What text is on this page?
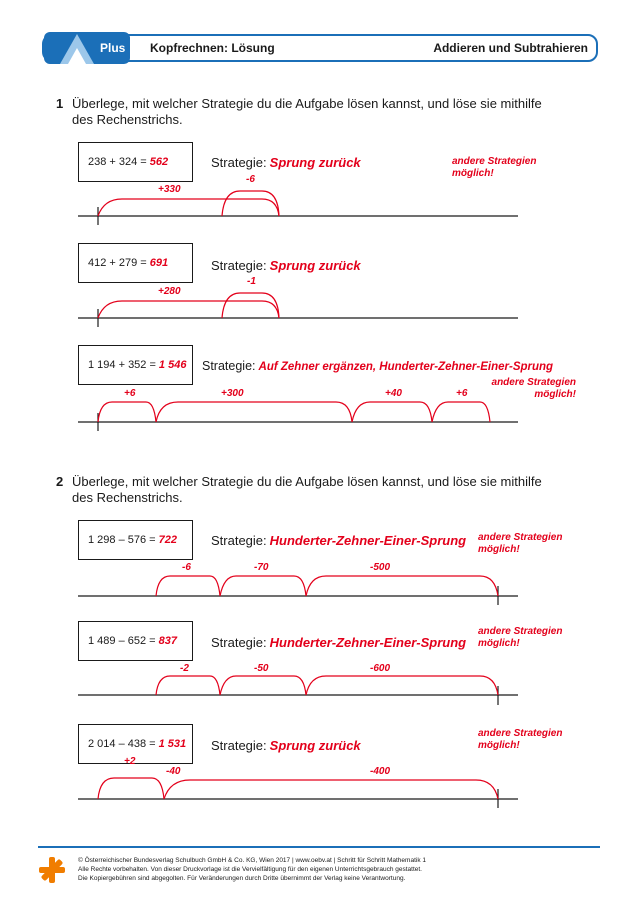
Plus Kopfrechnen: Lösung	Addieren und Subtrahieren
1 Überlege, mit welcher Strategie du die Aufgabe lösen kannst, und löse sie mithilfe des Rechenstrichs.
238 + 324 = 562	Strategie: Sprung zurück	andere Strategien möglich!
+330
-6
412 + 279 = 691	Strategie: Sprung zurück
+280
-1
1 194 + 352 = 1 546 Strategie: Auf Zehner ergänzen, Hunderter-Zehner-Einer-Sprung
andere Strategien möglich!
+6	+300	+40	+6
2 Überlege, mit welcher Strategie du die Aufgabe lösen kannst, und löse sie mithilfe des Rechenstrichs.
1 298 – 576 = 722	Strategie: Hunderter-Zehner-Einer-Sprung andere Strategien möglich!
-6	-70	-500
1 489 – 652 = 837	Strategie: Hunderter-Zehner-Einer-Sprung
andere Strategien möglich!
-2	-50	-600
2 014 – 438 = 1 531 Strategie: Sprung zurück
andere Strategien möglich!
+2
-40	-400
© Österreichischer Bundesverlag Schulbuch GmbH & Co. KG, Wien 2017 | www.oebv.at | Schritt für Schritt Mathematik 1
Alle Rechte vorbehalten. Von dieser Druckvorlage ist die Vervielfältigung für den eigenen Unterrichtsgebrauch gestattet.
Die Kopiergebühren sind abgegolten. Für Veränderungen durch Dritte übernimmt der Verlag keine Verantwortung.
